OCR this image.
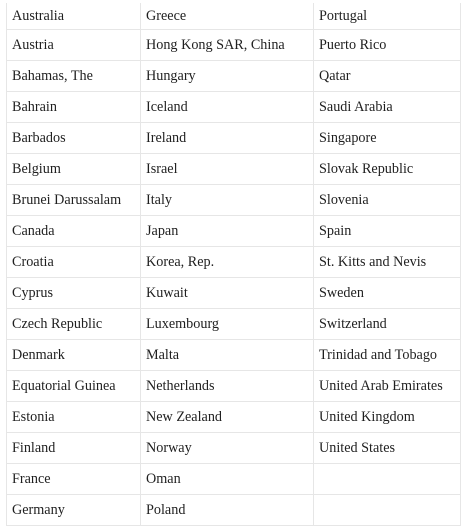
Australia	Greece	Portugal
Austria	Hong Kong SAR, China	Puerto Rico
Bahamas, The	Hungary	Qatar
Bahrain	Iceland	Saudi Arabia
Barbados	Ireland	Singapore
Belgium	Israel	Slovak Republic
Brunei Darussalam	Italy	Slovenia
Canada	Japan	Spain
Croatia	Korea, Rep.	St. Kitts and Nevis
Cyprus	Kuwait	Sweden
Czech Republic	Luxembourg	Switzerland
Denmark	Malta	Trinidad and Tobago
Equatorial Guinea	Netherlands	United Arab Emirates
Estonia	New Zealand	United Kingdom
Finland	Norway	United States
France	Oman	
Germany	Poland	
